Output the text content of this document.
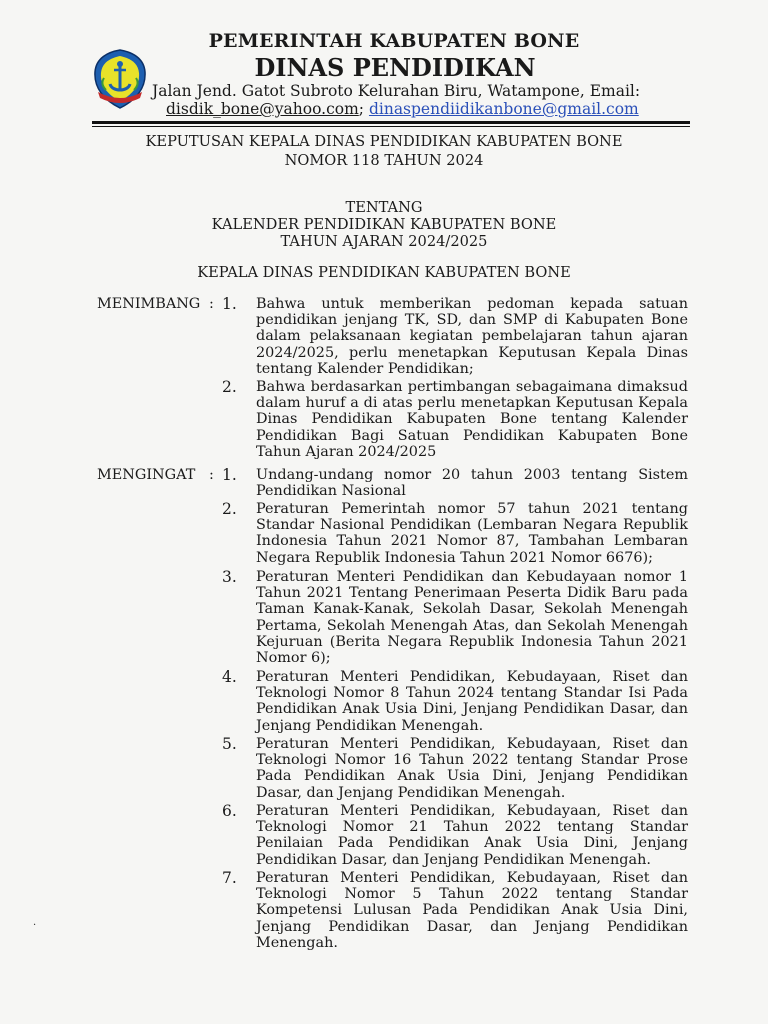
PEMERINTAH KABUPATEN BONE
DINAS PENDIDIKAN
Jalan Jend. Gatot Subroto Kelurahan Biru, Watampone, Email:
disdik_bone@yahoo.com; dinaspendiidikanbone@gmail.com
KEPUTUSAN KEPALA DINAS PENDIDIKAN KABUPATEN BONE
NOMOR 118 TAHUN 2024
TENTANG
KALENDER PENDIDIKAN KABUPATEN BONE
TAHUN AJARAN 2024/2025
KEPALA DINAS PENDIDIKAN KABUPATEN BONE
MENIMBANG : 1. Bahwa untuk memberikan pedoman kepada satuan pendidikan jenjang TK, SD, dan SMP di Kabupaten Bone dalam pelaksanaan kegiatan pembelajaran tahun ajaran 2024/2025, perlu menetapkan Keputusan Kepala Dinas tentang Kalender Pendidikan;
2. Bahwa berdasarkan pertimbangan sebagaimana dimaksud dalam huruf a di atas perlu menetapkan Keputusan Kepala Dinas Pendidikan Kabupaten Bone tentang Kalender Pendidikan Bagi Satuan Pendidikan Kabupaten Bone Tahun Ajaran 2024/2025
MENGINGAT : 1. Undang-undang nomor 20 tahun 2003 tentang Sistem Pendidikan Nasional
2. Peraturan Pemerintah nomor 57 tahun 2021 tentang Standar Nasional Pendidikan (Lembaran Negara Republik Indonesia Tahun 2021 Nomor 87, Tambahan Lembaran Negara Republik Indonesia Tahun 2021 Nomor 6676);
3. Peraturan Menteri Pendidikan dan Kebudayaan nomor 1 Tahun 2021 Tentang Penerimaan Peserta Didik Baru pada Taman Kanak-Kanak, Sekolah Dasar, Sekolah Menengah Pertama, Sekolah Menengah Atas, dan Sekolah Menengah Kejuruan (Berita Negara Republik Indonesia Tahun 2021 Nomor 6);
4. Peraturan Menteri Pendidikan, Kebudayaan, Riset dan Teknologi Nomor 8 Tahun 2024 tentang Standar Isi Pada Pendidikan Anak Usia Dini, Jenjang Pendidikan Dasar, dan Jenjang Pendidikan Menengah.
5. Peraturan Menteri Pendidikan, Kebudayaan, Riset dan Teknologi Nomor 16 Tahun 2022 tentang Standar Prose Pada Pendidikan Anak Usia Dini, Jenjang Pendidikan Dasar, dan Jenjang Pendidikan Menengah.
6. Peraturan Menteri Pendidikan, Kebudayaan, Riset dan Teknologi Nomor 21 Tahun 2022 tentang Standar Penilaian Pada Pendidikan Anak Usia Dini, Jenjang Pendidikan Dasar, dan Jenjang Pendidikan Menengah.
7. Peraturan Menteri Pendidikan, Kebudayaan, Riset dan Teknologi Nomor 5 Tahun 2022 tentang Standar Kompetensi Lulusan Pada Pendidikan Anak Usia Dini, Jenjang Pendidikan Dasar, dan Jenjang Pendidikan Menengah.
·
